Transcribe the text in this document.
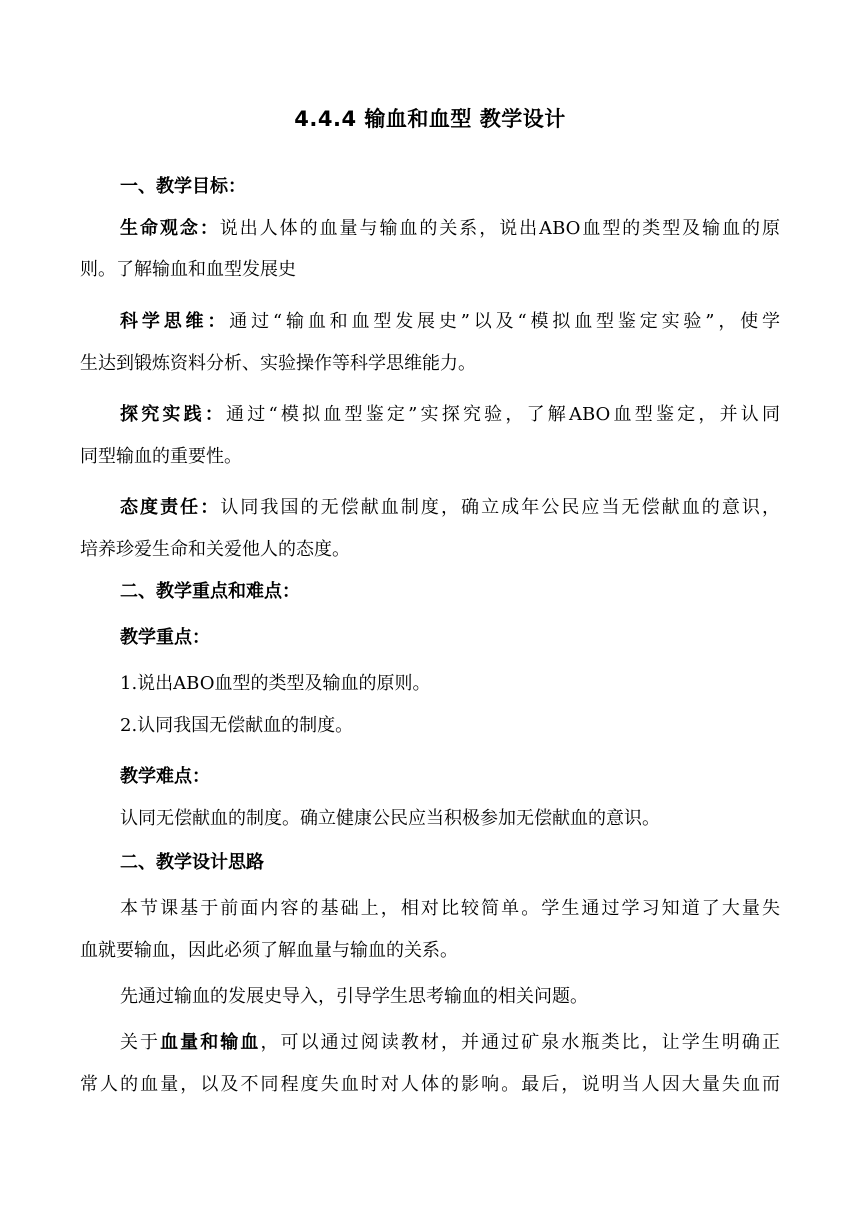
4.4.4 输血和血型 教学设计
一、教学目标：
生命观念：说出人体的血量与输血的关系，说出ABO血型的类型及输血的原
则。了解输血和血型发展史
科学思维：通过“输血和血型发展史”以及“模拟血型鉴定实验”，使学
生达到锻炼资料分析、实验操作等科学思维能力。
探究实践：通过“模拟血型鉴定”实探究验，了解ABO血型鉴定，并认同
同型输血的重要性。
态度责任：认同我国的无偿献血制度，确立成年公民应当无偿献血的意识，
培养珍爱生命和关爱他人的态度。
二、教学重点和难点：
教学重点：
1.说出ABO血型的类型及输血的原则。
2.认同我国无偿献血的制度。
教学难点：
认同无偿献血的制度。确立健康公民应当积极参加无偿献血的意识。
二、教学设计思路
本节课基于前面内容的基础上，相对比较简单。学生通过学习知道了大量失
血就要输血，因此必须了解血量与输血的关系。
先通过输血的发展史导入，引导学生思考输血的相关问题。
关于血量和输血，可以通过阅读教材，并通过矿泉水瓶类比，让学生明确正
常人的血量，以及不同程度失血时对人体的影响。最后，说明当人因大量失血而
